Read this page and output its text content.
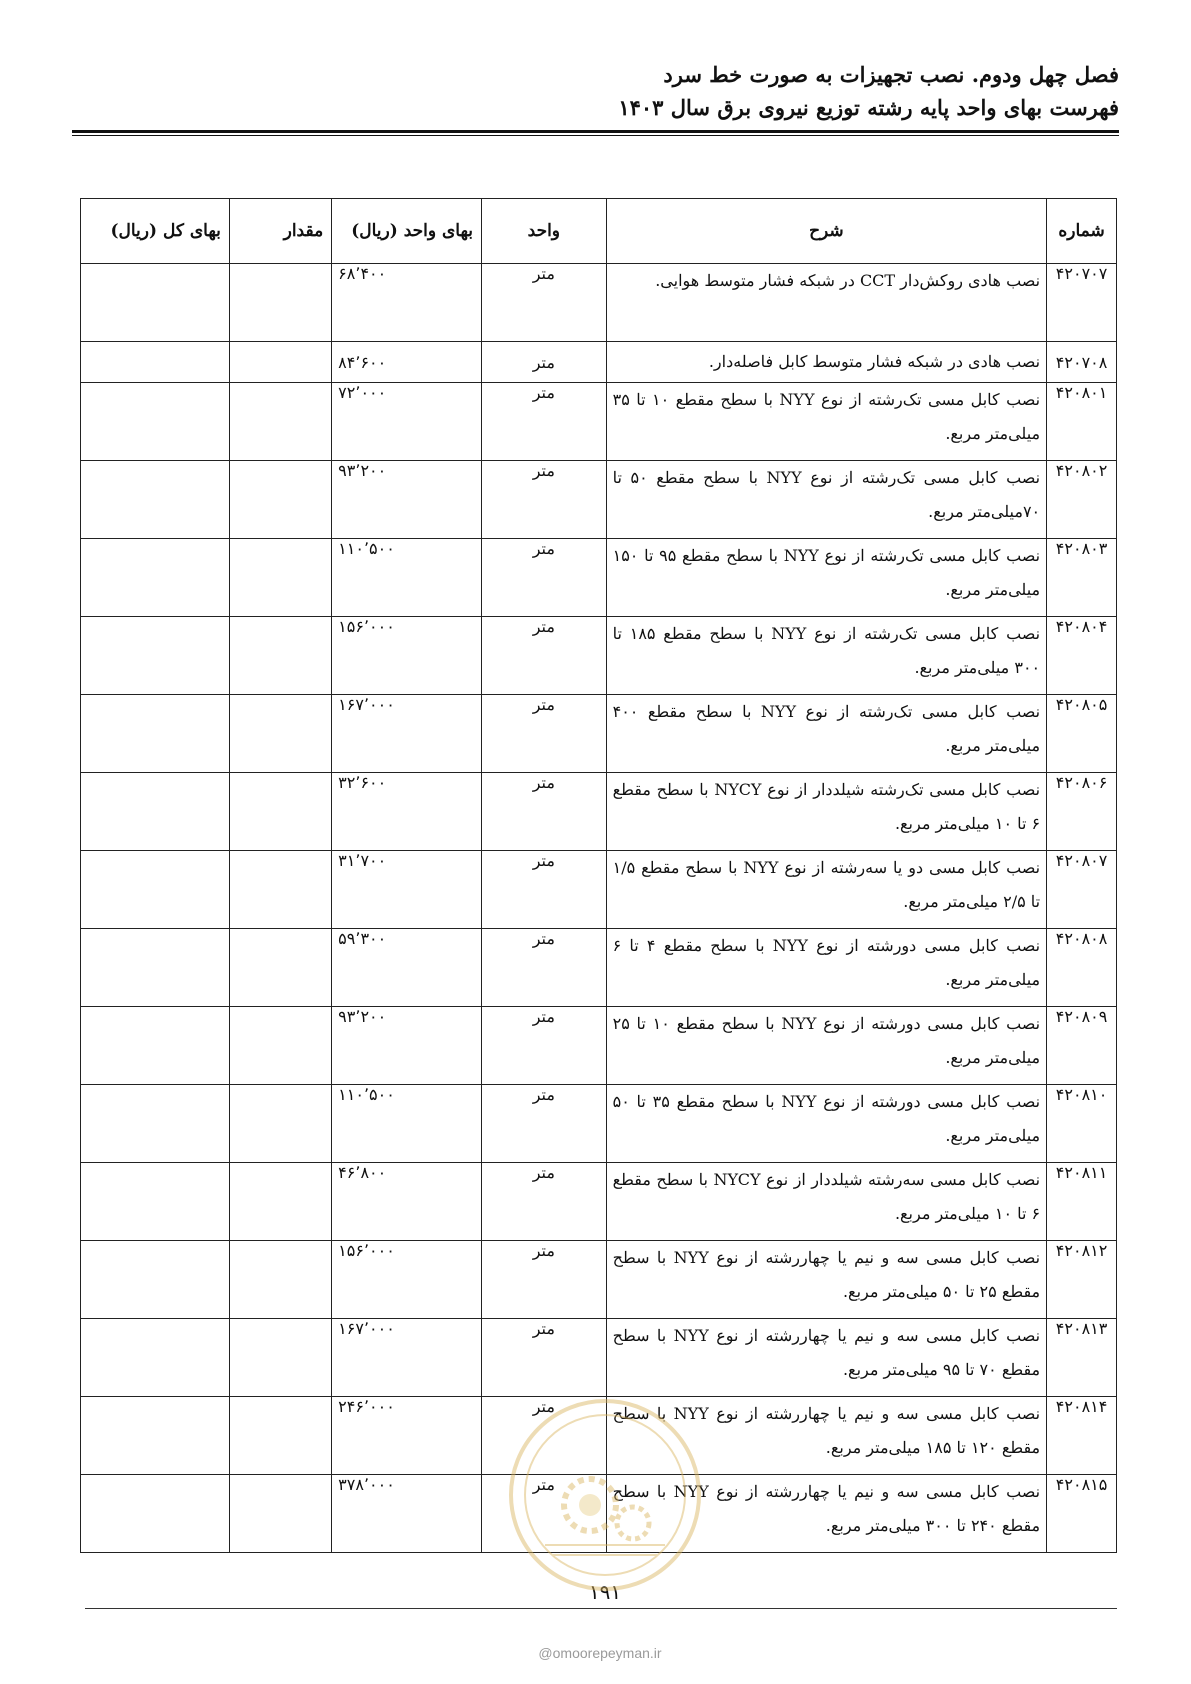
فصل چهل ودوم. نصب تجهیزات به صورت خط سرد
فهرست بهای واحد پایه رشته توزیع نیروی برق سال ۱۴۰۳
شماره	شرح	واحد	بهای واحد (ریال)	مقدار	بهای کل (ریال)
۴۲۰۷۰۷	نصب هادی روکش‌دار CCT در شبکه فشار متوسط هوایی.	متر	۶۸٬۴۰۰		
۴۲۰۷۰۸	نصب هادی در شبکه فشار متوسط کابل فاصله‌دار.	متر	۸۴٬۶۰۰		
۴۲۰۸۰۱	نصب کابل مسی تک‌رشته از نوع NYY با سطح مقطع ۱۰ تا ۳۵ میلی‌متر مربع.	متر	۷۲٬۰۰۰		
۴۲۰۸۰۲	نصب کابل مسی تک‌رشته از نوع NYY با سطح مقطع ۵۰ تا ۷۰میلی‌متر مربع.	متر	۹۳٬۲۰۰		
۴۲۰۸۰۳	نصب کابل مسی تک‌رشته از نوع NYY با سطح مقطع ۹۵ تا ۱۵۰ میلی‌متر مربع.	متر	۱۱۰٬۵۰۰		
۴۲۰۸۰۴	نصب کابل مسی تک‌رشته از نوع NYY با سطح مقطع ۱۸۵ تا ۳۰۰ میلی‌متر مربع.	متر	۱۵۶٬۰۰۰		
۴۲۰۸۰۵	نصب کابل مسی تک‌رشته از نوع NYY با سطح مقطع ۴۰۰ میلی‌متر مربع.	متر	۱۶۷٬۰۰۰		
۴۲۰۸۰۶	نصب کابل مسی تک‌رشته شیلددار از نوع NYCY با سطح مقطع ۶ تا ۱۰ میلی‌متر مربع.	متر	۳۲٬۶۰۰		
۴۲۰۸۰۷	نصب کابل مسی دو یا سه‌رشته از نوع NYY با سطح مقطع ۱/۵ تا ۲/۵ میلی‌متر مربع.	متر	۳۱٬۷۰۰		
۴۲۰۸۰۸	نصب کابل مسی دورشته از نوع NYY با سطح مقطع ۴ تا ۶ میلی‌متر مربع.	متر	۵۹٬۳۰۰		
۴۲۰۸۰۹	نصب کابل مسی دورشته از نوع NYY با سطح مقطع ۱۰ تا ۲۵ میلی‌متر مربع.	متر	۹۳٬۲۰۰		
۴۲۰۸۱۰	نصب کابل مسی دورشته از نوع NYY با سطح مقطع ۳۵ تا ۵۰ میلی‌متر مربع.	متر	۱۱۰٬۵۰۰		
۴۲۰۸۱۱	نصب کابل مسی سه‌رشته شیلددار از نوع NYCY با سطح مقطع ۶ تا ۱۰ میلی‌متر مربع.	متر	۴۶٬۸۰۰		
۴۲۰۸۱۲	نصب کابل مسی سه و نیم یا چهاررشته از نوع NYY با سطح مقطع ۲۵ تا ۵۰ میلی‌متر مربع.	متر	۱۵۶٬۰۰۰		
۴۲۰۸۱۳	نصب کابل مسی سه و نیم یا چهاررشته از نوع NYY با سطح مقطع ۷۰ تا ۹۵ میلی‌متر مربع.	متر	۱۶۷٬۰۰۰		
۴۲۰۸۱۴	نصب کابل مسی سه و نیم یا چهاررشته از نوع NYY با سطح مقطع ۱۲۰ تا ۱۸۵ میلی‌متر مربع.	متر	۲۴۶٬۰۰۰		
۴۲۰۸۱۵	نصب کابل مسی سه و نیم یا چهاررشته از نوع NYY با سطح مقطع ۲۴۰ تا ۳۰۰ میلی‌متر مربع.	متر	۳۷۸٬۰۰۰		
۱۹۱
@omoorepeyman.ir
